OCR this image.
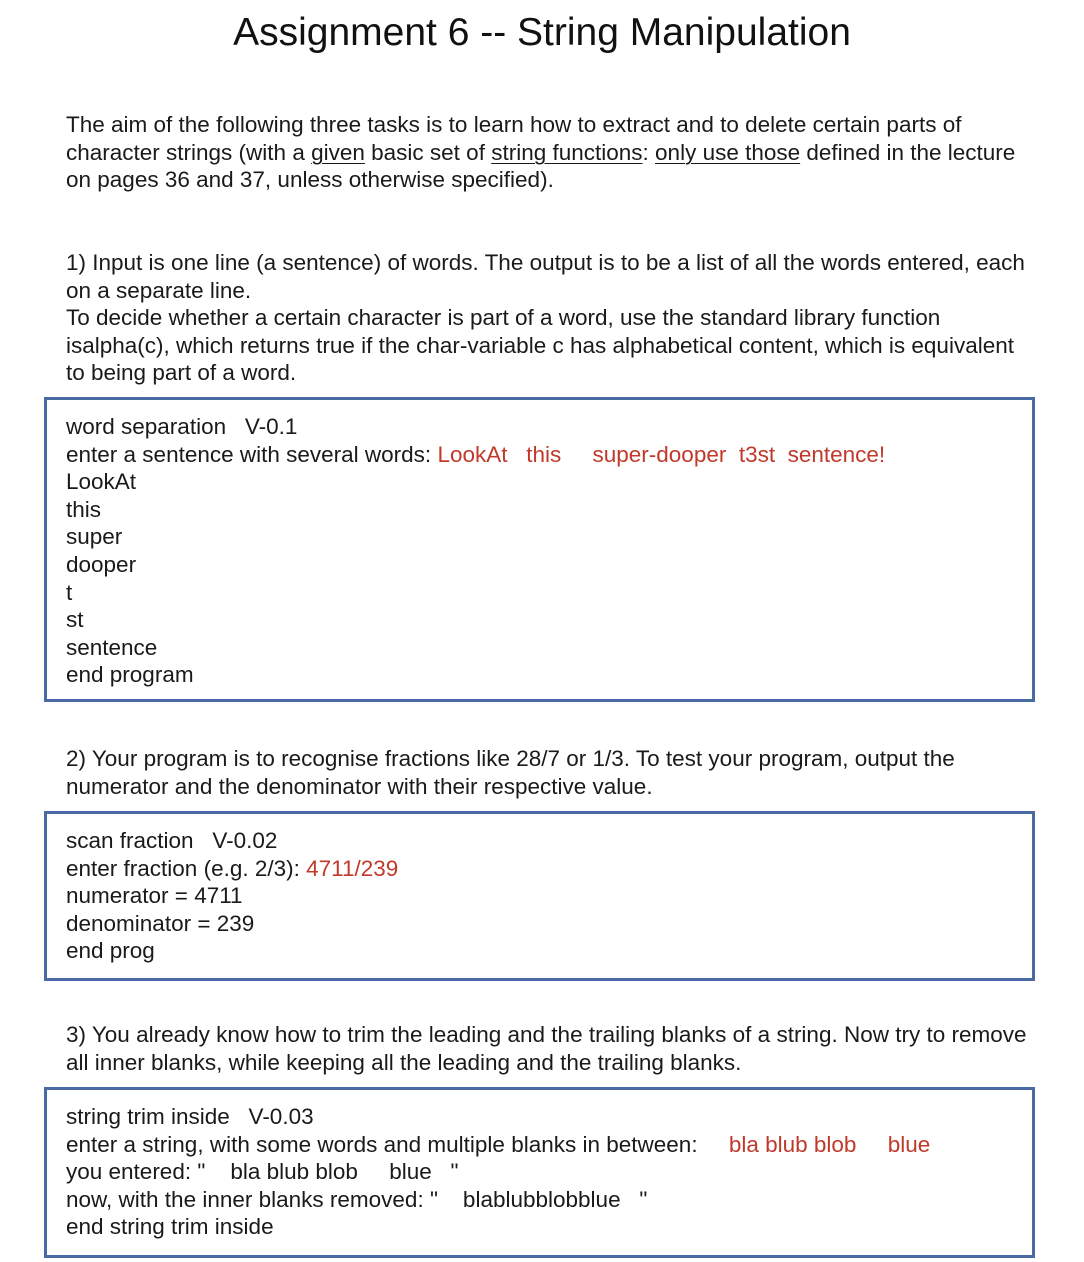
Assignment 6 -- String Manipulation

The aim of the following three tasks is to learn how to extract and to delete certain parts of character strings (with a given basic set of string functions: only use those defined in the lecture on pages 36 and 37, unless otherwise specified).

1) Input is one line (a sentence) of words. The output is to be a list of all the words entered, each on a separate line.
To decide whether a certain character is part of a word, use the standard library function isalpha(c), which returns true if the char-variable c has alphabetical content, which is equivalent to being part of a word.

word separation   V-0.1
enter a sentence with several words: LookAt   this     super-dooper  t3st  sentence!
LookAt
this
super
dooper
t
st
sentence
end program

2) Your program is to recognise fractions like 28/7 or 1/3. To test your program, output the numerator and the denominator with their respective value.

scan fraction   V-0.02
enter fraction (e.g. 2/3): 4711/239
numerator = 4711
denominator = 239
end prog

3) You already know how to trim the leading and the trailing blanks of a string. Now try to remove all inner blanks, while keeping all the leading and the trailing blanks.

string trim inside   V-0.03
enter a string, with some words and multiple blanks in between:     bla blub blob     blue
you entered: "    bla blub blob     blue   "
now, with the inner blanks removed: "    blablubblobblue   "
end string trim inside
